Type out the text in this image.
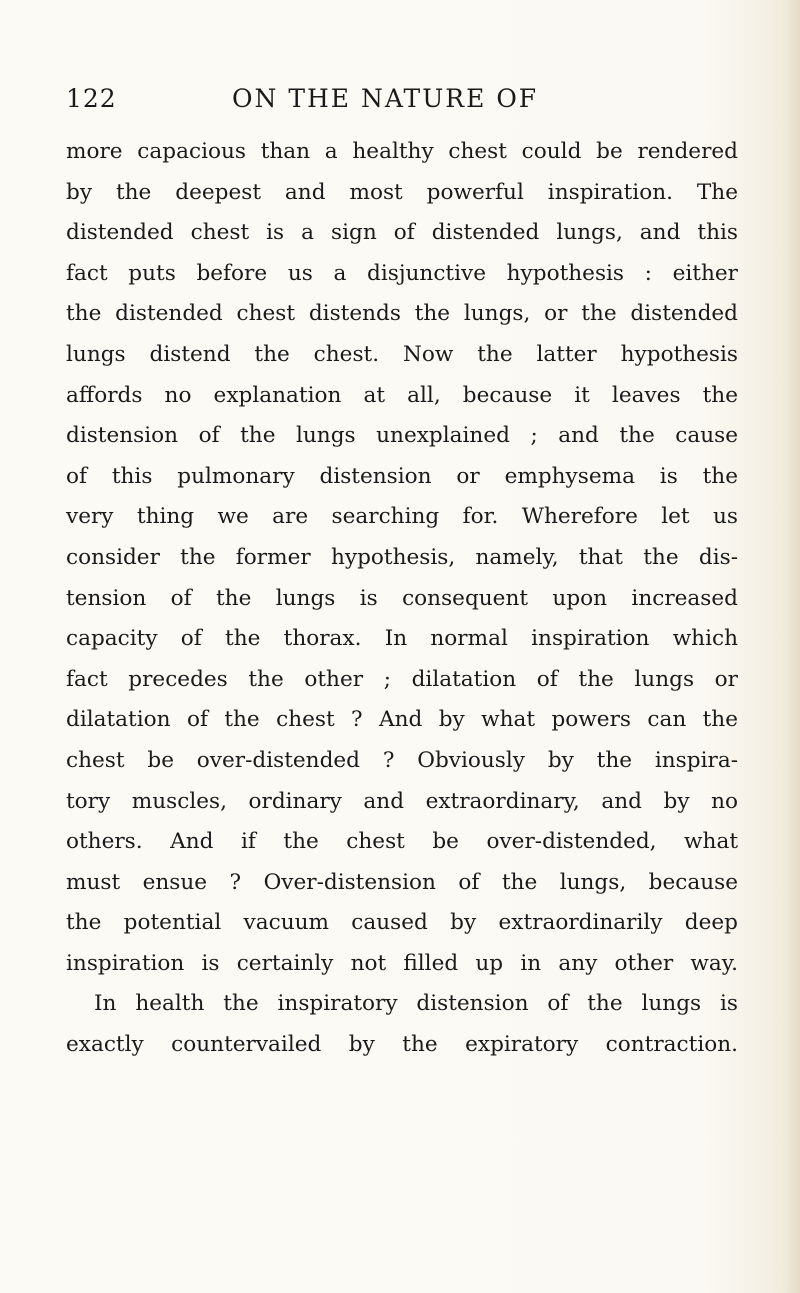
122	ON THE NATURE OF
more capacious than a healthy chest could be rendered
by the deepest and most powerful inspiration. The
distended chest is a sign of distended lungs, and this
fact puts before us a disjunctive hypothesis : either
the distended chest distends the lungs, or the distended
lungs distend the chest. Now the latter hypothesis
affords no explanation at all, because it leaves the
distension of the lungs unexplained ; and the cause
of this pulmonary distension or emphysema is the
very thing we are searching for. Wherefore let us
consider the former hypothesis, namely, that the dis-
tension of the lungs is consequent upon increased
capacity of the thorax. In normal inspiration which
fact precedes the other ; dilatation of the lungs or
dilatation of the chest ? And by what powers can the
chest be over-distended ? Obviously by the inspira-
tory muscles, ordinary and extraordinary, and by no
others. And if the chest be over-distended, what
must ensue ? Over-distension of the lungs, because
the potential vacuum caused by extraordinarily deep
inspiration is certainly not filled up in any other way.
In health the inspiratory distension of the lungs is
exactly countervailed by the expiratory contraction.
